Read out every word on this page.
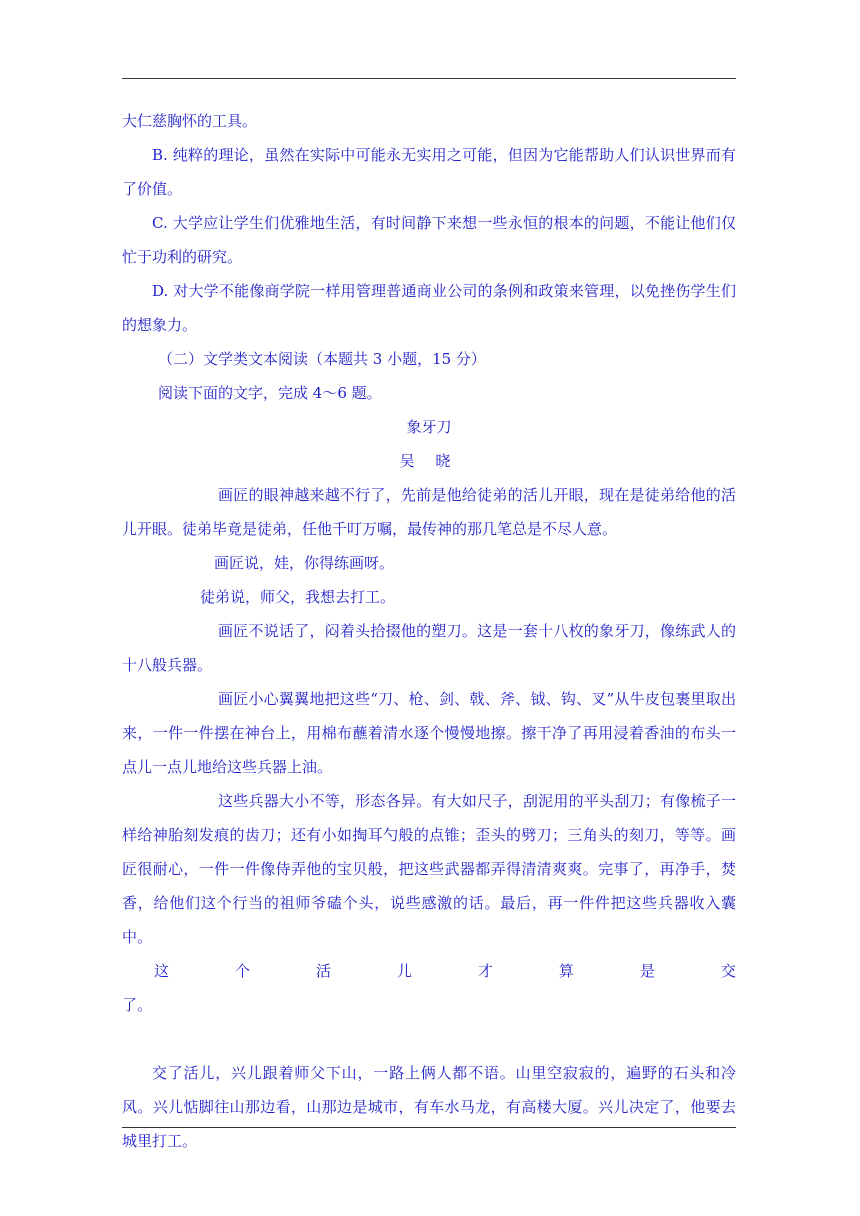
大仁慈胸怀的工具。

B. 纯粹的理论，虽然在实际中可能永无实用之可能，但因为它能帮助人们认识世界而有了价值。

C. 大学应让学生们优雅地生活，有时间静下来想一些永恒的根本的问题，不能让他们仅忙于功利的研究。

D. 对大学不能像商学院一样用管理普通商业公司的条例和政策来管理，以免挫伤学生们的想象力。

（二）文学类文本阅读（本题共 3 小题，15 分）

阅读下面的文字，完成 4～6 题。

象牙刀

吴 晓

画匠的眼神越来越不行了，先前是他给徒弟的活儿开眼，现在是徒弟给他的活儿开眼。徒弟毕竟是徒弟，任他千叮万嘱，最传神的那几笔总是不尽人意。

画匠说，娃，你得练画呀。

徒弟说，师父，我想去打工。

画匠不说话了，闷着头拾掇他的塑刀。这是一套十八枚的象牙刀，像练武人的十八般兵器。

画匠小心翼翼地把这些“刀、枪、剑、戟、斧、钺、钩、叉”从牛皮包裹里取出来，一件一件摆在神台上，用棉布蘸着清水逐个慢慢地擦。擦干净了再用浸着香油的布头一点儿一点儿地给这些兵器上油。

这些兵器大小不等，形态各异。有大如尺子，刮泥用的平头刮刀；有像梳子一样给神胎刻发痕的齿刀；还有小如掏耳勺般的点锥；歪头的劈刀；三角头的刻刀，等等。画匠很耐心，一件一件像侍弄他的宝贝般，把这些武器都弄得清清爽爽。完事了，再净手，焚香，给他们这个行当的祖师爷磕个头，说些感激的话。最后，再一件件把这些兵器收入囊中。

这	个	活	儿	才	算	是	交

了。

交了活儿，兴儿跟着师父下山，一路上俩人都不语。山里空寂寂的，遍野的石头和冷风。兴儿惦脚往山那边看，山那边是城市，有车水马龙，有高楼大厦。兴儿决定了，他要去城里打工。
